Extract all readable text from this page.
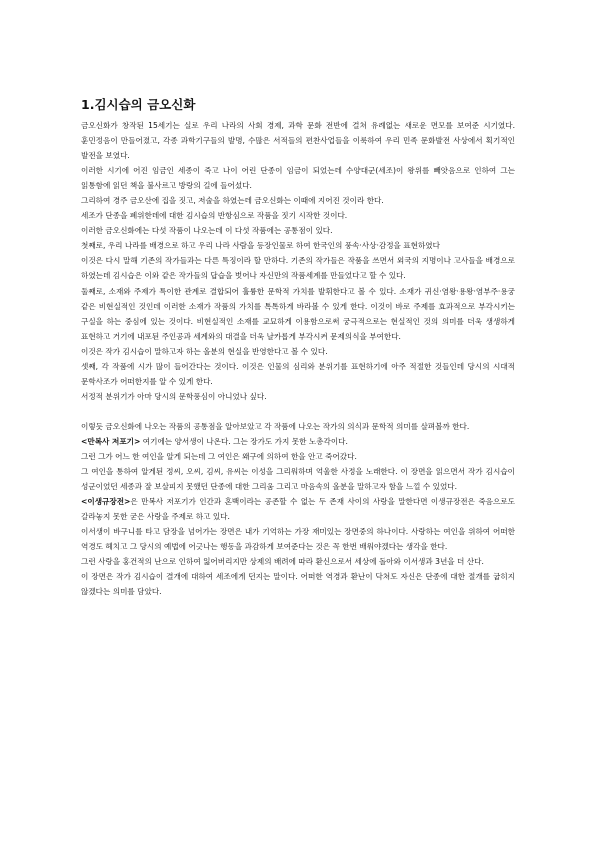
1.김시습의 금오신화

금오신화가 창작된 15세기는 실로 우리 나라의 사회 경제, 과학 문화 전반에 걸쳐 유례없는 새로운 면모를 보여준 시기였다. 훈민정음이 만들어졌고, 각종 과학기구들의 발명, 수많은 서적들의 편찬사업들을 이룩하여 우리 민족 문화발전 사상에서 획기적인 발전을 보였다.

이러한 시기에 어진 임금인 세종이 죽고 나이 어린 단종이 임금이 되었는데 수양대군(세조)이 왕위를 빼앗음으로 인하여 그는 읽통함에 읽던 책을 불사르고 방랑의 길에 들어섰다.

그리하여 경주 금오산에 집을 짓고, 저술을 하였는데 금오신화는 이때에 지어진 것이라 한다.

세조가 단종을 폐위한데에 대한 김시습의 반항심으로 작품을 짓기 시작한 것이다.

이러한 금오신화에는 다섯 작품이 나오는데 이 다섯 작품에는 공통점이 있다.

첫째로, 우리 나라를 배경으로 하고 우리 나라 사람을 등장인물로 하여 한국인의 풍속·사상·감정을 표현하였다

이것은 다시 말해 기존의 작가들과는 다른 특징이라 할 만하다. 기존의 작가들은 작품을 쓰면서 외국의 지명이나 고사들을 배경으로 하였는데 김시습은 이와 같은 작가들의 답습을 벗어나 자신만의 작품세계를 만들었다고 할 수 있다.

둘째로, 소재와 주제가 특이한 관계로 결합되어 훌륭한 문학적 가치를 발휘한다고 볼 수 있다. 소재가 귀신·염왕·용왕·염부주·용궁 같은 비현실적인 것인데 이러한 소재가 작품의 가치를 톡톡하게 바라볼 수 있게 한다. 이것이 바로 주제를 효과적으로 부각시키는 구실을 하는 중심에 있는 것이다. 비현실적인 소재를 교묘하게 이용함으로써 궁극적으로는 현실적인 것의 의미를 더욱 생생하게 표현하고 거기에 내포된 주인공과 세계와의 대결을 더욱 날카롭게 부각시켜 문제의식을 부여한다.

이것은 작가 김시습이 말하고자 하는 올분의 현실을 반영한다고 볼 수 있다.

셋째, 각 작품에 시가 많이 들어간다는 것이다. 이것은 인물의 심리와 분위기를 표현하기에 아주 적절한 것들인데 당시의 시대적 문학사조가 어떠한지를 알 수 있게 한다.

서정적 분위기가 아마 당시의 문학풍심이 아니었나 싶다.

이렇듯 금오신화에 나오는 작품의 공통점을 알아보았고 각 작품에 나오는 작가의 의식과 문학적 의미를 살펴볼까 한다.

<만복사 저포기> 여기에는 양서생이 나온다. 그는 장가도 가지 못한 노총각이다.

그런 그가 어느 한 여인을 알게 되는데 그 여인은 왜구에 의하여 한을 안고 죽어갔다.

그 여인을 통하여 알게된 정씨, 오씨, 김씨, 유씨는 이성을 그리워하며 억울한 사정을 노래한다. 이 장면을 읽으면서 작가 김시습이 성군이었던 세종과 잘 보살피지 못했던 단종에 대한 그리움 그리고 마음속의 올분을 말하고자 함을 느낄 수 있었다.

<이생규장전>은 만복사 저포기가 인간과 혼백이라는 공존할 수 없는 두 존재 사이의 사랑을 말한다면 이생규장전은 죽음으로도 갈라놓지 못한 굳은 사랑을 주제로 하고 있다.

이서생이 바구니를 타고 담장을 넘어가는 장면은 내가 기억하는 가장 재미있는 장면중의 하나이다. 사랑하는 여인을 위하여 어떠한 역경도 헤치고 그 당시의 예법에 어긋나는 행동을 과감하게 보여준다는 것은 꼭 한번 배워야겠다는 생각을 한다.

그런 사랑을 홍건적의 난으로 인하여 잃어버리지만 상제의 배려에 따라 환신으로서 세상에 돌아와 이서생과 3년을 더 산다.

이 장면은 작가 김시습이 결개에 대하여 세조에게 던지는 말이다. 어떠한 역경과 환난이 닥쳐도 자신은 단종에 대한 절개를 굽히지 않겠다는 의미를 담았다.
